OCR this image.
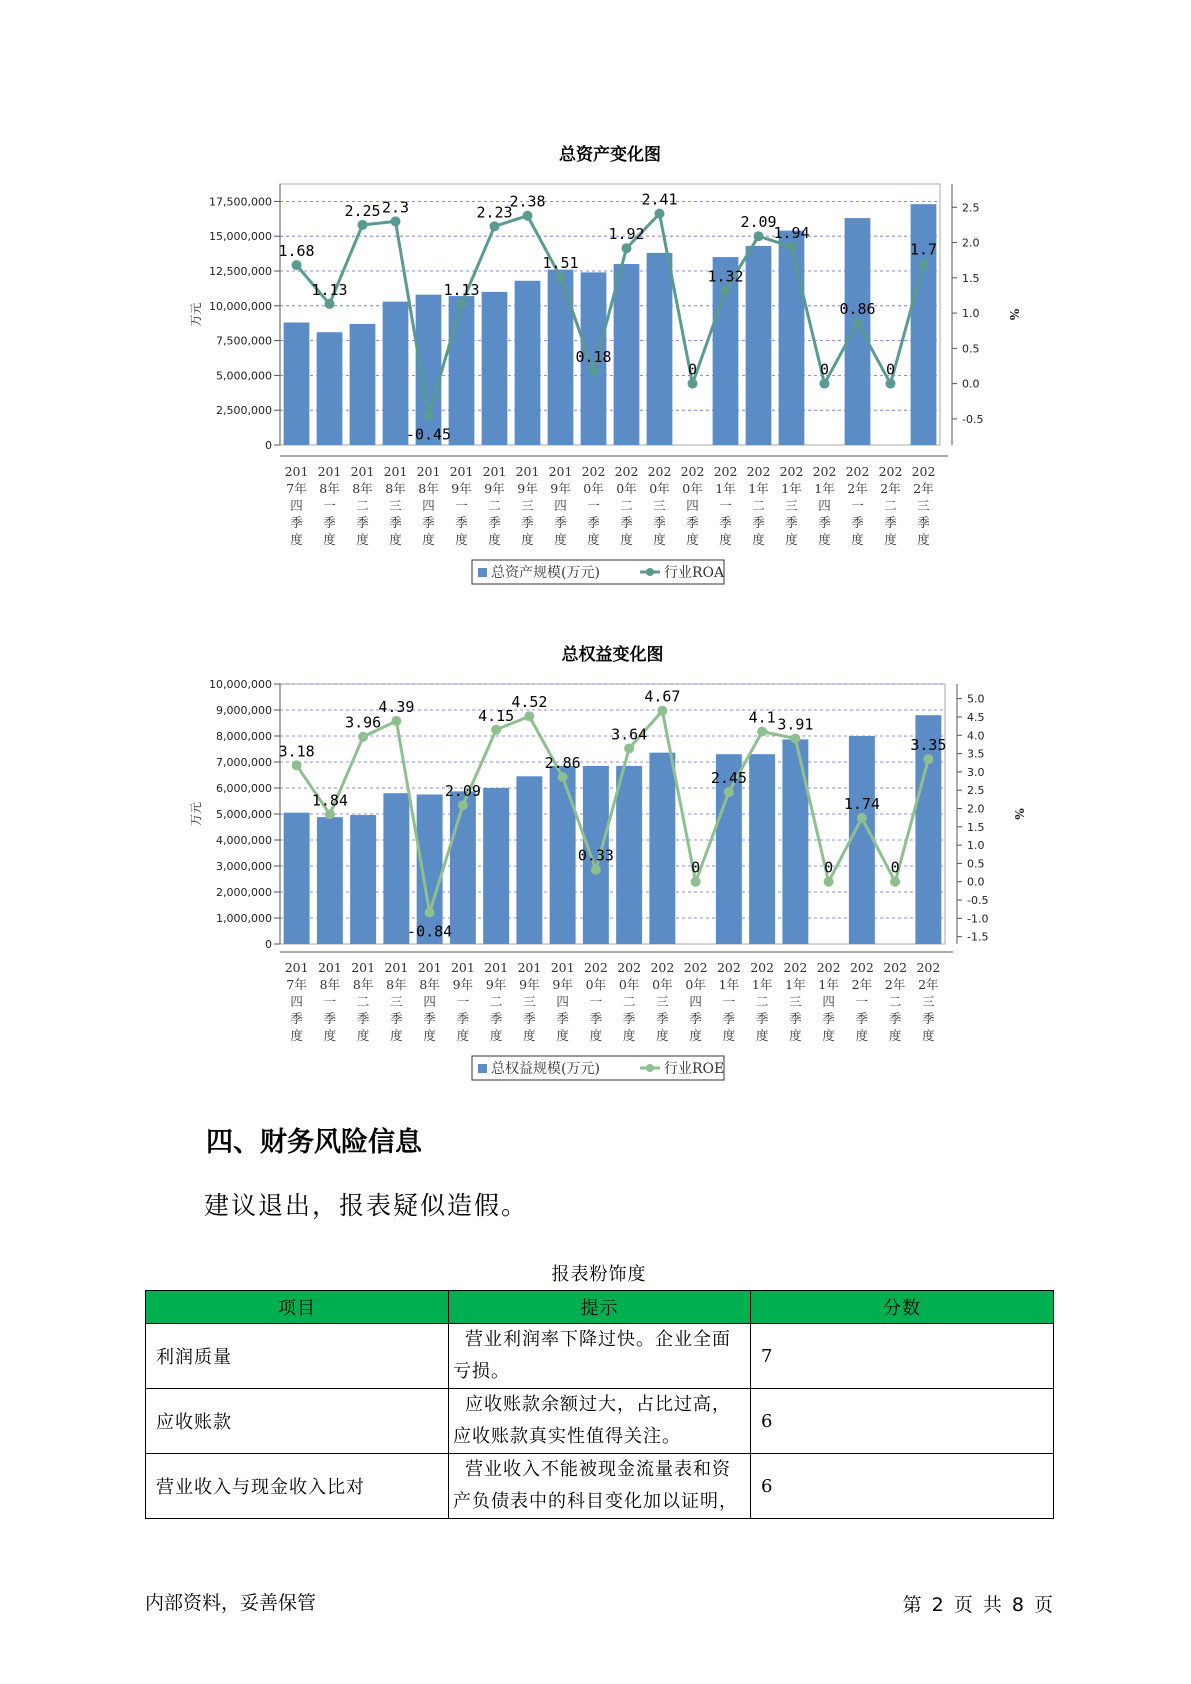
总资产变化图
0
2,500,000
5,000,000
7,500,000
10,000,000
12,500,000
15,000,000
17,500,000
-0.5
0.0
0.5
1.0
1.5
2.0
2.5
万元	%
1.68
1.13
2.25 2.3
-0.45
1.13
2.23
2.38
1.51
0.18
1.92
2.41
0
1.32
2.09
1.94
0
0.86
0
1.7
201
7年
四
季
度
201
8年
一
季
度
201
8年
二
季
度
201
8年
三
季
度
201
8年
四
季
度
201
9年
一
季
度
201
9年
二
季
度
201
9年
三
季
度
201
9年
四
季
度
202
0年
一
季
度
202
0年
二
季
度
202
0年
三
季
度
202
0年
四
季
度
202
1年
一
季
度
202
1年
二
季
度
202
1年
三
季
度
202
1年
四
季
度
202
2年
一
季
度
202
2年
二
季
度
202
2年
三
季
度
总资产规模(万元)	行业ROA
总权益变化图
0
1,000,000
2,000,000
3,000,000
4,000,000
5,000,000
6,000,000
7,000,000
8,000,000
9,000,000
10,000,000
-1.5
-1.0
-0.5
0.0
0.5
1.0
1.5
2.0
2.5
3.0
3.5
4.0
4.5
5.0
万元	%
3.18
1.84
3.96
4.39
-0.84
2.09
4.15
4.52
2.86
0.33
3.64
4.67
0
2.45
4.1 3.91
0
1.74
0
3.35
201
7年
四
季
度
201
8年
一
季
度
201
8年
二
季
度
201
8年
三
季
度
201
8年
四
季
度
201
9年
一
季
度
201
9年
二
季
度
201
9年
三
季
度
201
9年
四
季
度
202
0年
一
季
度
202
0年
二
季
度
202
0年
三
季
度
202
0年
四
季
度
202
1年
一
季
度
202
1年
二
季
度
202
1年
三
季
度
202
1年
四
季
度
202
2年
一
季
度
202
2年
二
季
度
202
2年
三
季
度
总权益规模(万元)	行业ROE
四、财务风险信息

建议退出，报表疑似造假。

报表粉饰度
项目	提示	分数
利润质量	营业利润率下降过快。企业全面亏损。	7
应收账款	应收账款余额过大，占比过高，应收账款真实性值得关注。	6
营业收入与现金收入比对	营业收入不能被现金流量表和资产负债表中的科目变化加以证明，	6
内部资料，妥善保管	第 2 页 共 8 页
